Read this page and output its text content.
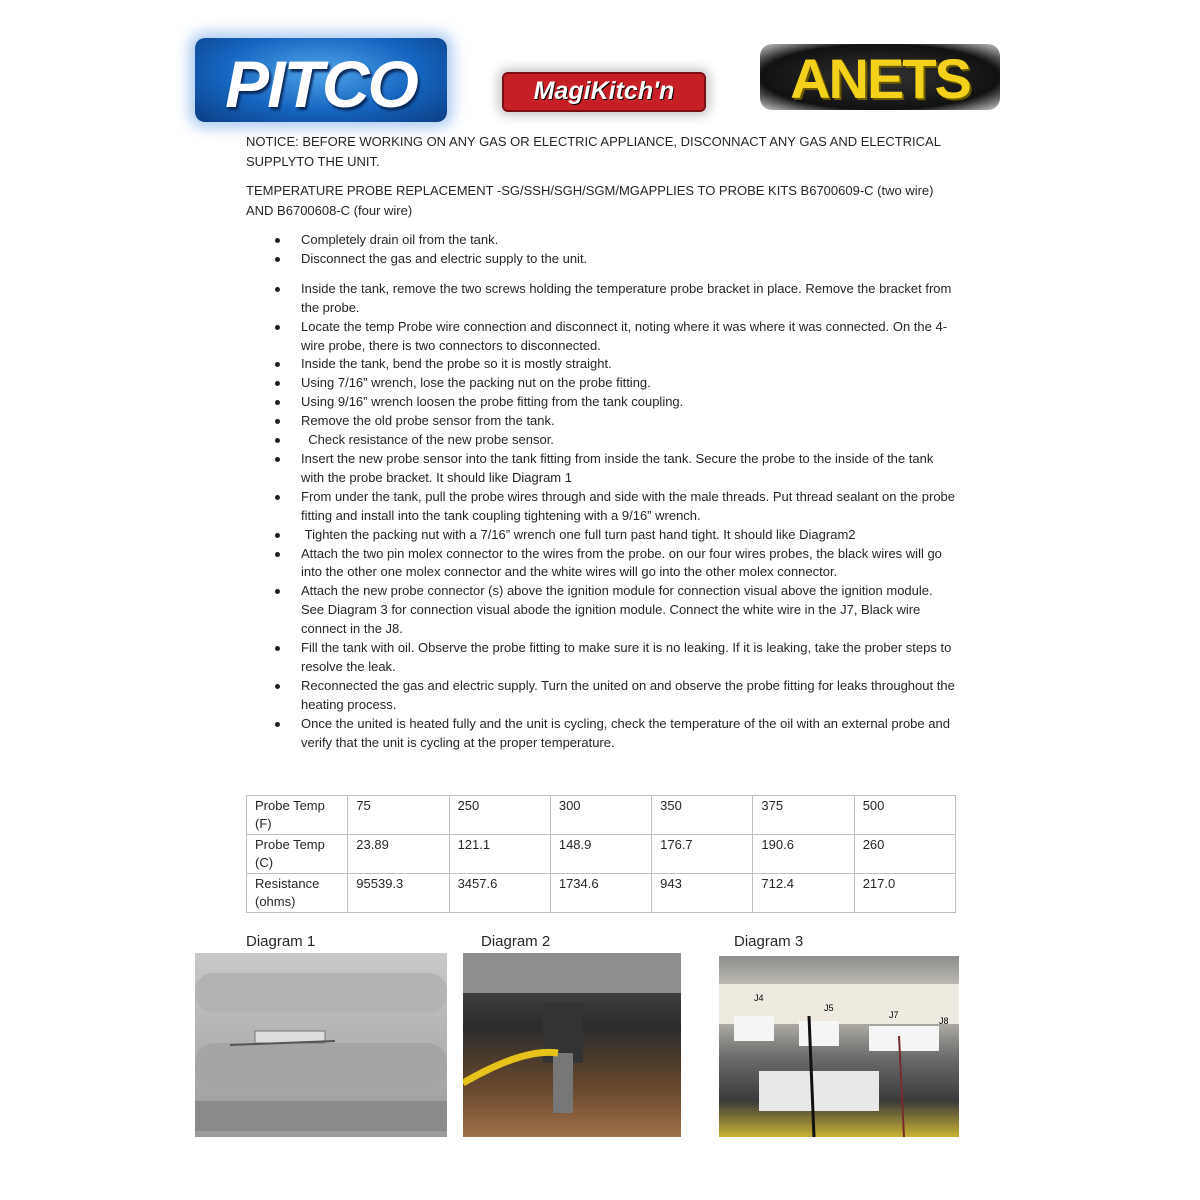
PITCO	MagiKitch'n	ANETS
NOTICE: BEFORE WORKING ON ANY GAS OR ELECTRIC APPLIANCE, DISCONNACT ANY GAS AND ELECTRICAL SUPPLYTO THE UNIT.
TEMPERATURE PROBE REPLACEMENT -SG/SSH/SGH/SGM/MGAPPLIES TO PROBE KITS B6700609-C (two wire) AND B6700608-C (four wire)
Completely drain oil from the tank.
Disconnect the gas and electric supply to the unit.
Inside the tank, remove the two screws holding the temperature probe bracket in place. Remove the bracket from the probe.
Locate the temp Probe wire connection and disconnect it, noting where it was where it was connected. On the 4-wire probe, there is two connectors to disconnected.
Inside the tank, bend the probe so it is mostly straight.
Using 7/16” wrench, lose the packing nut on the probe fitting.
Using 9/16” wrench loosen the probe fitting from the tank coupling.
Remove the old probe sensor from the tank.
Check resistance of the new probe sensor.
Insert the new probe sensor into the tank fitting from inside the tank. Secure the probe to the inside of the tank with the probe bracket. It should like Diagram 1
From under the tank, pull the probe wires through and side with the male threads. Put thread sealant on the probe fitting and install into the tank coupling tightening with a 9/16” wrench.
Tighten the packing nut with a 7/16” wrench one full turn past hand tight. It should like Diagram2
Attach the two pin molex connector to the wires from the probe. on our four wires probes, the black wires will go into the other one molex connector and the white wires will go into the other molex connector.
Attach the new probe connector (s) above the ignition module for connection visual above the ignition module. See Diagram 3 for connection visual abode the ignition module. Connect the white wire in the J7, Black wire connect in the J8.
Fill the tank with oil. Observe the probe fitting to make sure it is no leaking. If it is leaking, take the prober steps to resolve the leak.
Reconnected the gas and electric supply. Turn the united on and observe the probe fitting for leaks throughout the heating process.
Once the united is heated fully and the unit is cycling, check the temperature of the oil with an external probe and verify that the unit is cycling at the proper temperature.
Probe Temp (F)	75	250	300	350	375	500
Probe Temp (C)	23.89	121.1	148.9	176.7	190.6	260
Resistance (ohms)	95539.3	3457.6	1734.6	943	712.4	217.0
Diagram 1	Diagram 2	Diagram 3
J4
J5
J7
J8
